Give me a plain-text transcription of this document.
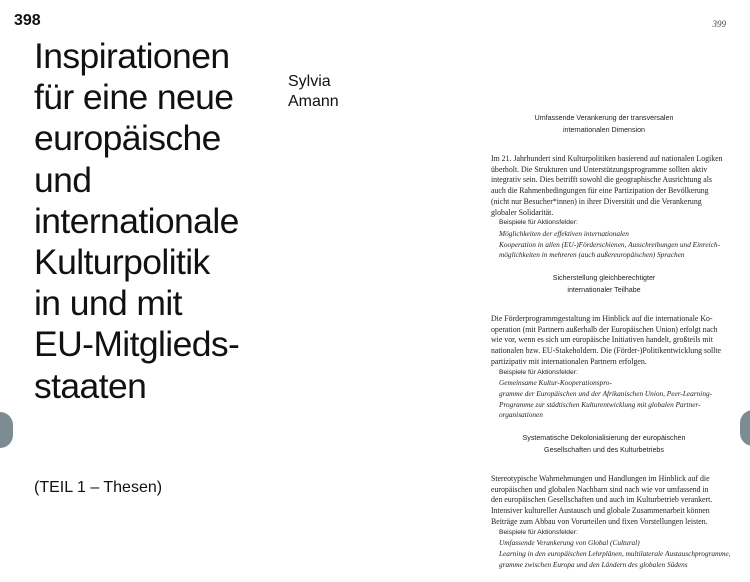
398
Inspirationen
für eine neue
europäische
und
internationale
Kulturpolitik
in und mit
EU-Mitglieds-
staaten
Sylvia
Amann
(TEIL 1 – Thesen)
399

Umfassende Verankerung der transversalen
internationalen Dimension

Im 21. Jahrhundert sind Kulturpolitiken basierend auf nationalen Logiken
überholt. Die Strukturen und Unterstützungsprogramme sollten aktiv
integrativ sein. Dies betrifft sowohl die geographische Ausrichtung als
auch die Rahmenbedingungen für eine Partizipation der Bevölkerung
(nicht nur Besucher*innen) in ihrer Diversität und die Verankerung
globaler Solidarität.

Beispiele für Aktionsfelder:
Möglichkeiten der effektiven internationalen
Kooperation in allen (EU-)Förderschienen, Ausschreibungen und Einreich-
möglichkeiten in mehreren (auch außereuropäischen) Sprachen

Sicherstellung gleichberechtigter
internationaler Teilhabe

Die Förderprogrammgestaltung im Hinblick auf die internationale Ko-
operation (mit Partnern außerhalb der Europäischen Union) erfolgt nach
wie vor, wenn es sich um europäische Initiativen handelt, großteils mit
nationalen bzw. EU-Stakeholdern. Die (Förder-)Politikentwicklung sollte
partizipativ mit internationalen Partnern erfolgen.

Beispiele für Aktionsfelder:
Gemeinsame Kultur-Kooperationspro-
gramme der Europäischen und der Afrikanischen Union, Peer-Learning-
Programme zur städtischen Kulturentwicklung mit globalen Partner-
organisationen

Systematische Dekolonialisierung der europäischen
Gesellschaften und des Kulturbetriebs

Stereotypische Wahrnehmungen und Handlungen im Hinblick auf die
europäischen und globalen Nachbarn sind nach wie vor umfassend in
den europäischen Gesellschaften und auch im Kulturbetrieb verankert.
Intensiver kultureller Austausch und globale Zusammenarbeit können
Beiträge zum Abbau von Vorurteilen und fixen Vorstellungen leisten.

Beispiele für Aktionsfelder:
Umfassende Verankerung von Global (Cultural)
Learning in den europäischen Lehrplänen, multilaterale Austauschprogramme,
gramme zwischen Europa und den Ländern des globalen Südens
